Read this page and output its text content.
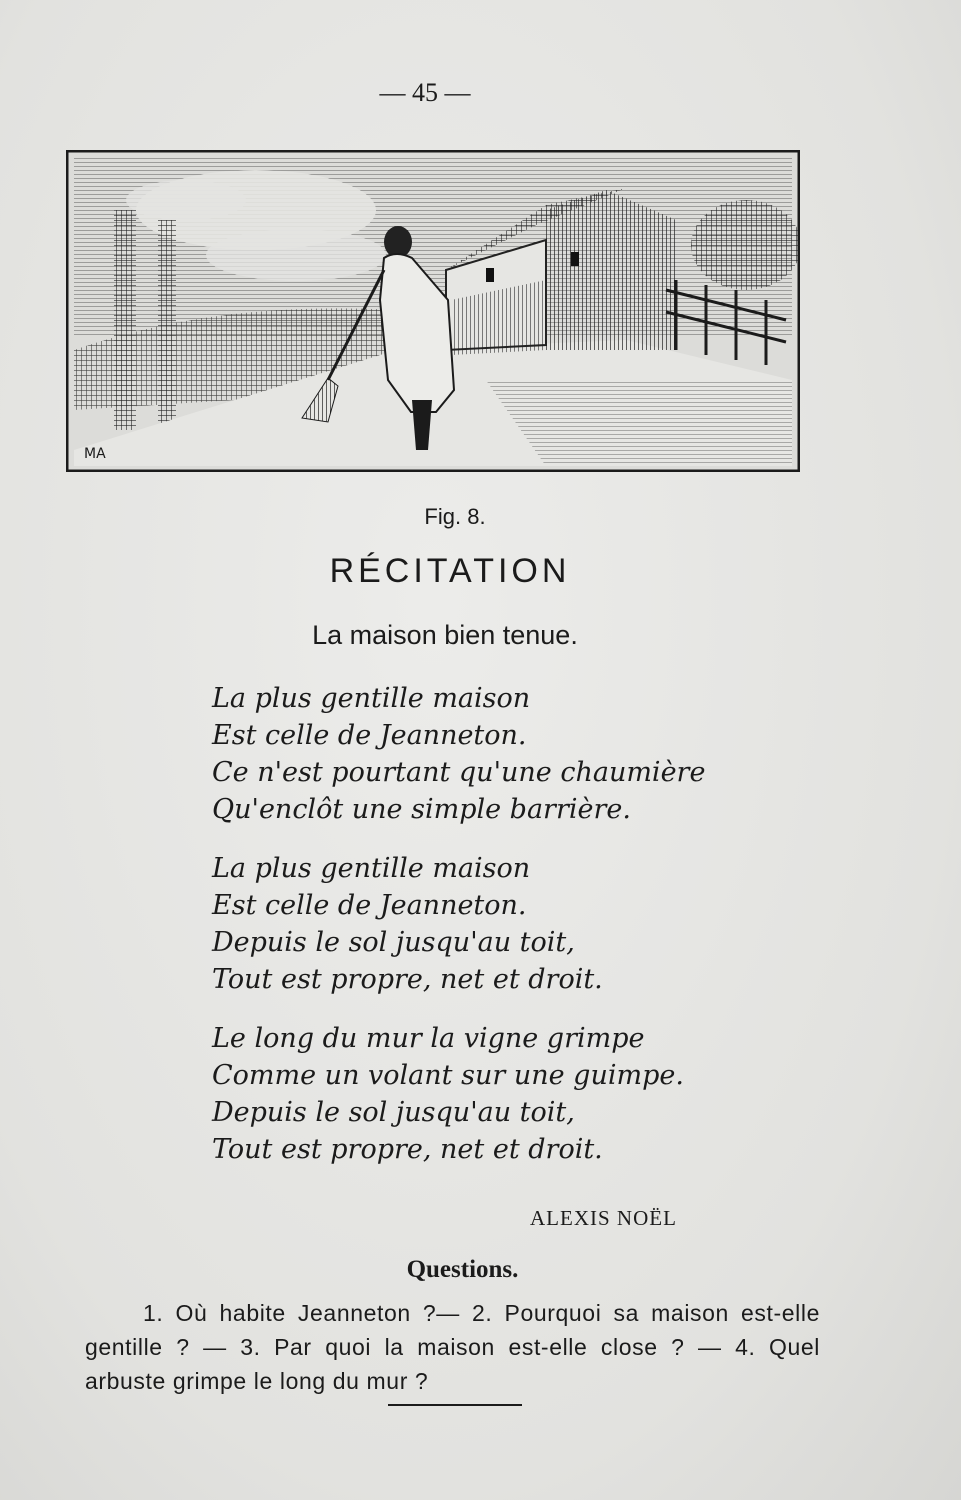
— 45 —
MA
Fig. 8.
RÉCITATION
La maison bien tenue.
La plus gentille maison
Est celle de Jeanneton.
Ce n'est pourtant qu'une chaumière
Qu'enclôt une simple barrière.
La plus gentille maison
Est celle de Jeanneton.
Depuis le sol jusqu'au toit,
Tout est propre, net et droit.
Le long du mur la vigne grimpe
Comme un volant sur une guimpe.
Depuis le sol jusqu'au toit,
Tout est propre, net et droit.
ALEXIS NOËL
Questions.
1. Où habite Jeanneton ?— 2. Pourquoi sa maison est-elle gentille ? — 3. Par quoi la maison est-elle close ? — 4. Quel arbuste grimpe le long du mur ?
